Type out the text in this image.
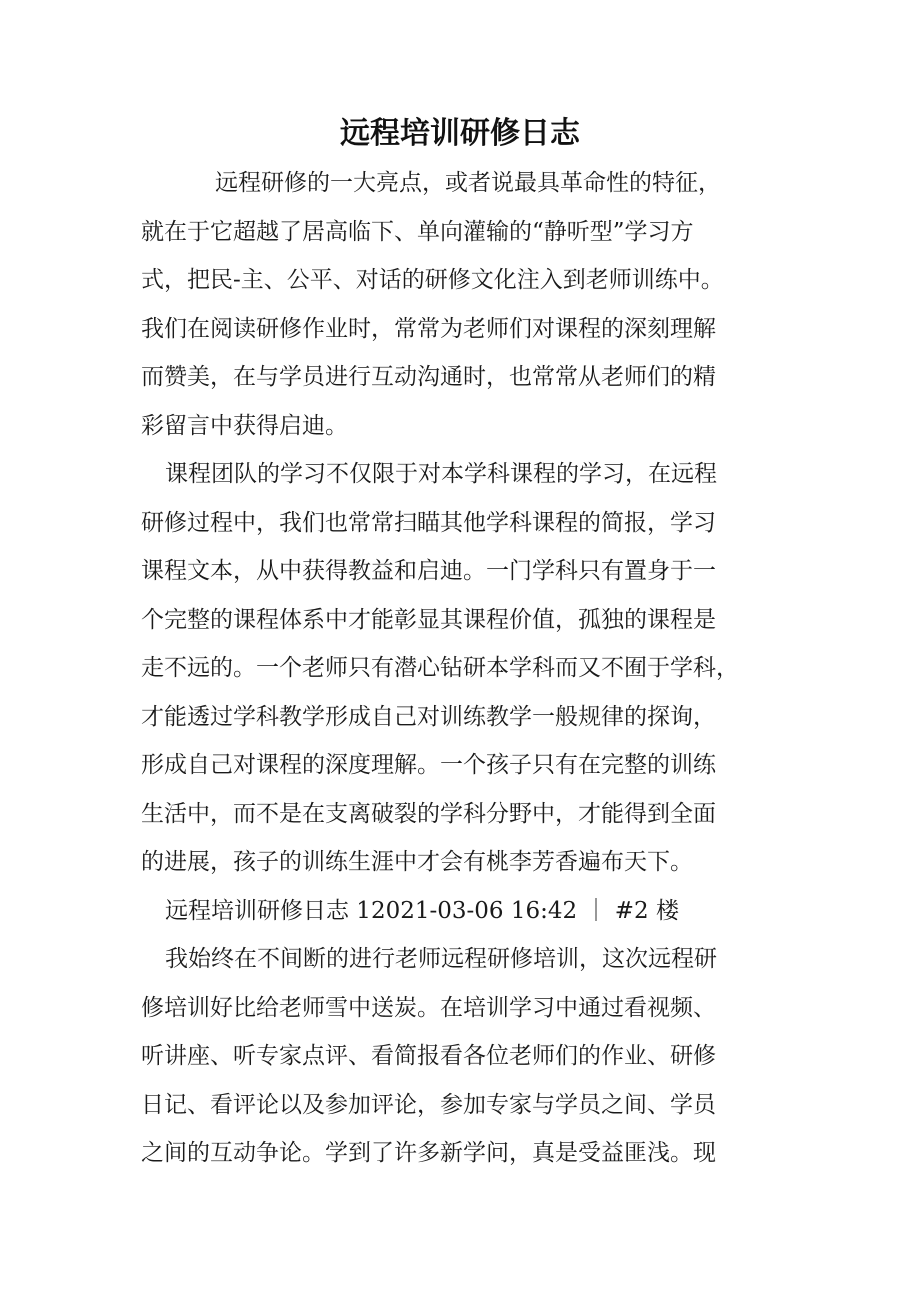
远程培训研修日志

远程研修的一大亮点，或者说最具革命性的特征，

就在于它超越了居高临下、单向灌输的“静听型”学习方

式，把民-主、公平、对话的研修文化注入到老师训练中。

我们在阅读研修作业时，常常为老师们对课程的深刻理解

而赞美，在与学员进行互动沟通时，也常常从老师们的精

彩留言中获得启迪。

课程团队的学习不仅限于对本学科课程的学习，在远程

研修过程中，我们也常常扫瞄其他学科课程的简报，学习

课程文本，从中获得教益和启迪。一门学科只有置身于一

个完整的课程体系中才能彰显其课程价值，孤独的课程是

走不远的。一个老师只有潜心钻研本学科而又不囿于学科，

才能透过学科教学形成自己对训练教学一般规律的探询，

形成自己对课程的深度理解。一个孩子只有在完整的训练

生活中，而不是在支离破裂的学科分野中，才能得到全面

的进展，孩子的训练生涯中才会有桃李芳香遍布天下。

远程培训研修日志 12021-03-06 16:42 ｜ #2 楼

我始终在不间断的进行老师远程研修培训，这次远程研

修培训好比给老师雪中送炭。在培训学习中通过看视频、

听讲座、听专家点评、看简报看各位老师们的作业、研修

日记、看评论以及参加评论，参加专家与学员之间、学员

之间的互动争论。学到了许多新学问，真是受益匪浅。现
